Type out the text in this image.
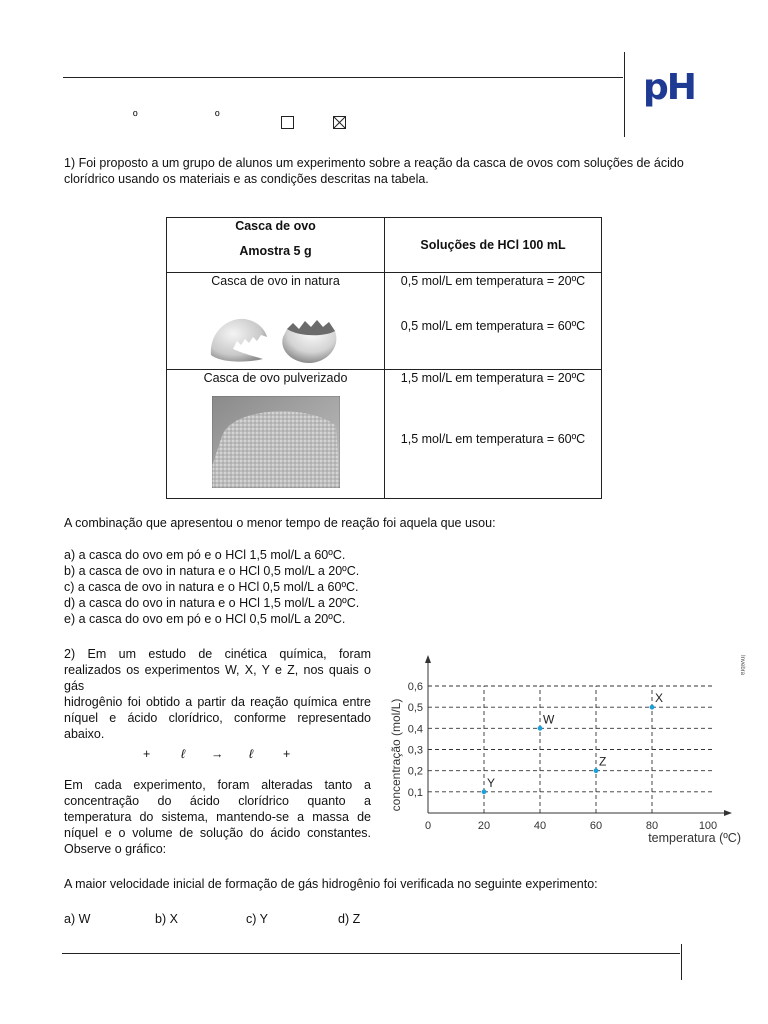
pH
º	º
1) Foi proposto a um grupo de alunos um experimento sobre a reação da casca de ovos com soluções de ácido
clorídrico usando os materiais e as condições descritas na tabela.
Casca de ovo
Amostra 5 g	Soluções de HCl 100 mL

Casca de ovo in natura	0,5 mol/L em temperatura = 20ºC
0,5 mol/L em temperatura = 60ºC

Casca de ovo pulverizado	1,5 mol/L em temperatura = 20ºC
1,5 mol/L em temperatura = 60ºC
A combinação que apresentou o menor tempo de reação foi aquela que usou:
a) a casca do ovo em pó e o HCl 1,5 mol/L a 60ºC.
b) a casca de ovo in natura e o HCl 0,5 mol/L a 20ºC.
c) a casca de ovo in natura e o HCl 0,5 mol/L a 60ºC.
d) a casca do ovo in natura e o HCl 1,5 mol/L a 20ºC.
e) a casca do ovo em pó e o HCl 0,5 mol/L a 20ºC.
2) Em um estudo de cinética química, foram
realizados os experimentos W, X, Y e Z, nos quais o gás
hidrogênio foi obtido a partir da reação química entre
níquel e ácido clorídrico, conforme representado
abaixo.
+ ℓ → ℓ +
Em cada experimento, foram alteradas tanto a
concentração do ácido clorídrico quanto a
temperatura do sistema, mantendo-se a massa de
níquel e o volume de solução do ácido constantes.
Observe o gráfico:
0,1
0,2
0,3
0,4
0,5
0,6
0	20	40	60	80	100
Y
W
Z
X
concentração (mol/L)
temperatura (ºC)
Invebra
A maior velocidade inicial de formação de gás hidrogênio foi verificada no seguinte experimento:
a) W	b) X	c) Y	d) Z
